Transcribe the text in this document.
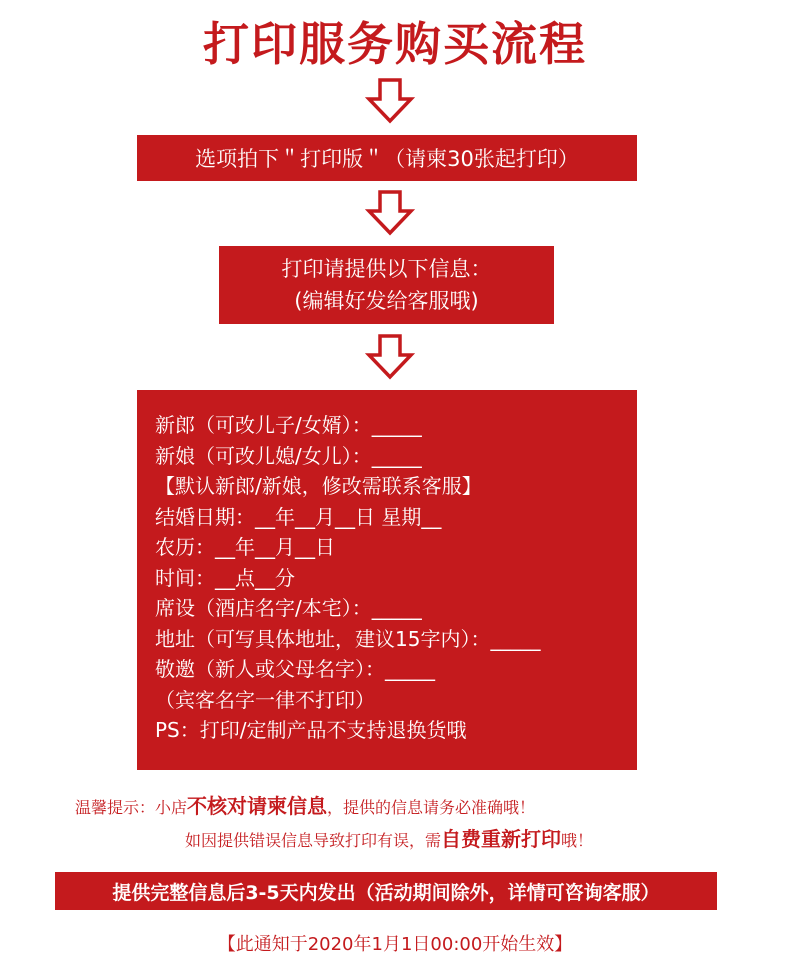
打印服务购买流程
选项拍下＂打印版＂（请柬30张起打印）
打印请提供以下信息：
(编辑好发给客服哦)
新郎（可改儿子/女婿）：_____
新娘（可改儿媳/女儿）：_____
【默认新郎/新娘，修改需联系客服】
结婚日期：__年__月__日 星期__
农历：__年__月__日
时间：__点__分
席设（酒店名字/本宅）：_____
地址（可写具体地址，建议15字内）：_____
敬邀（新人或父母名字）：_____
（宾客名字一律不打印）
PS：打印/定制产品不支持退换货哦
温馨提示：小店不核对请柬信息，提供的信息请务必准确哦！
如因提供错误信息导致打印有误，需自费重新打印哦！
提供完整信息后3-5天内发出（活动期间除外，详情可咨询客服）
【此通知于2020年1月1日00:00开始生效】
